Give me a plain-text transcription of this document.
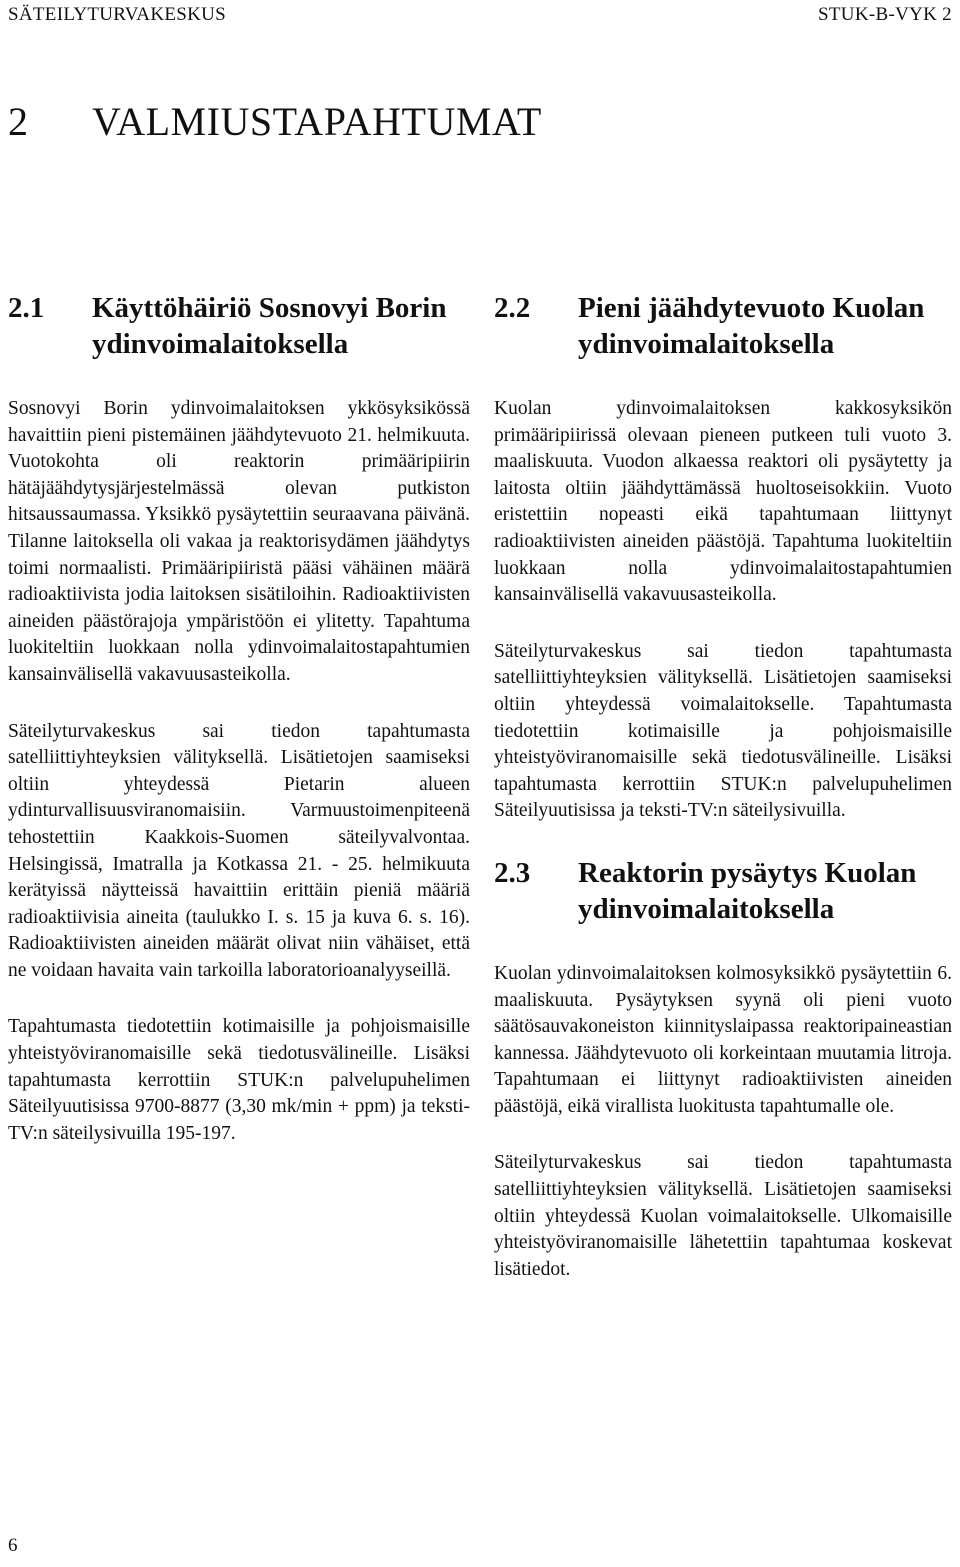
SÄTEILYTURVAKESKUS	STUK-B-VYK 2
2 VALMIUSTAPAHTUMAT
2.1	Käyttöhäiriö Sosnovyi Borin ydinvoimalaitoksella

Sosnovyi Borin ydinvoimalaitoksen ykkösyksikössä havaittiin pieni pistemäinen jäähdytevuoto 21. helmikuuta. Vuotokohta oli reaktorin primääripiirin hätäjäähdytysjärjestelmässä olevan putkiston hitsaussaumassa. Yksikkö pysäytettiin seuraavana päivänä. Tilanne laitoksella oli vakaa ja reaktorisydämen jäähdytys toimi normaalisti. Primääripiiristä pääsi vähäinen määrä radioaktiivista jodia laitoksen sisätiloihin. Radioaktiivisten aineiden päästörajoja ympäristöön ei ylitetty. Tapahtuma luokiteltiin luokkaan nolla ydinvoimalaitostapahtumien kansainvälisellä vakavuusasteikolla.

Säteilyturvakeskus sai tiedon tapahtumasta satelliittiyhteyksien välityksellä. Lisätietojen saamiseksi oltiin yhteydessä Pietarin alueen ydinturvallisuusviranomaisiin. Varmuustoimenpiteenä tehostettiin Kaakkois-Suomen säteilyvalvontaa. Helsingissä, Imatralla ja Kotkassa 21. - 25. helmikuuta kerätyissä näytteissä havaittiin erittäin pieniä määriä radioaktiivisia aineita (taulukko I. s. 15 ja kuva 6. s. 16). Radioaktiivisten aineiden määrät olivat niin vähäiset, että ne voidaan havaita vain tarkoilla laboratorioanalyyseillä.

Tapahtumasta tiedotettiin kotimaisille ja pohjoismaisille yhteistyöviranomaisille sekä tiedotusvälineille. Lisäksi tapahtumasta kerrottiin STUK:n palvelupuhelimen Säteilyuutisissa 9700-8877 (3,30 mk/min + ppm) ja teksti-TV:n säteilysivuilla 195-197.

2.2	Pieni jäähdytevuoto Kuolan ydinvoimalaitoksella

Kuolan ydinvoimalaitoksen kakkosyksikön primääripiirissä olevaan pieneen putkeen tuli vuoto 3. maaliskuuta. Vuodon alkaessa reaktori oli pysäytetty ja laitosta oltiin jäähdyttämässä huoltoseisokkiin. Vuoto eristettiin nopeasti eikä tapahtumaan liittynyt radioaktiivisten aineiden päästöjä. Tapahtuma luokiteltiin luokkaan nolla ydinvoimalaitostapahtumien kansainvälisellä vakavuusasteikolla.

Säteilyturvakeskus sai tiedon tapahtumasta satelliittiyhteyksien välityksellä. Lisätietojen saamiseksi oltiin yhteydessä voimalaitokselle. Tapahtumasta tiedotettiin kotimaisille ja pohjoismaisille yhteistyöviranomaisille sekä tiedotusvälineille. Lisäksi tapahtumasta kerrottiin STUK:n palvelupuhelimen Säteilyuutisissa ja teksti-TV:n säteilysivuilla.

2.3	Reaktorin pysäytys Kuolan ydinvoimalaitoksella

Kuolan ydinvoimalaitoksen kolmosyksikkö pysäytettiin 6. maaliskuuta. Pysäytyksen syynä oli pieni vuoto säätösauvakoneiston kiinnityslaipassa reaktoripaineastian kannessa. Jäähdytevuoto oli korkeintaan muutamia litroja. Tapahtumaan ei liittynyt radioaktiivisten aineiden päästöjä, eikä virallista luokitusta tapahtumalle ole.

Säteilyturvakeskus sai tiedon tapahtumasta satelliittiyhteyksien välityksellä. Lisätietojen saamiseksi oltiin yhteydessä Kuolan voimalaitokselle. Ulkomaisille yhteistyöviranomaisille lähetettiin tapahtumaa koskevat lisätiedot.

6
